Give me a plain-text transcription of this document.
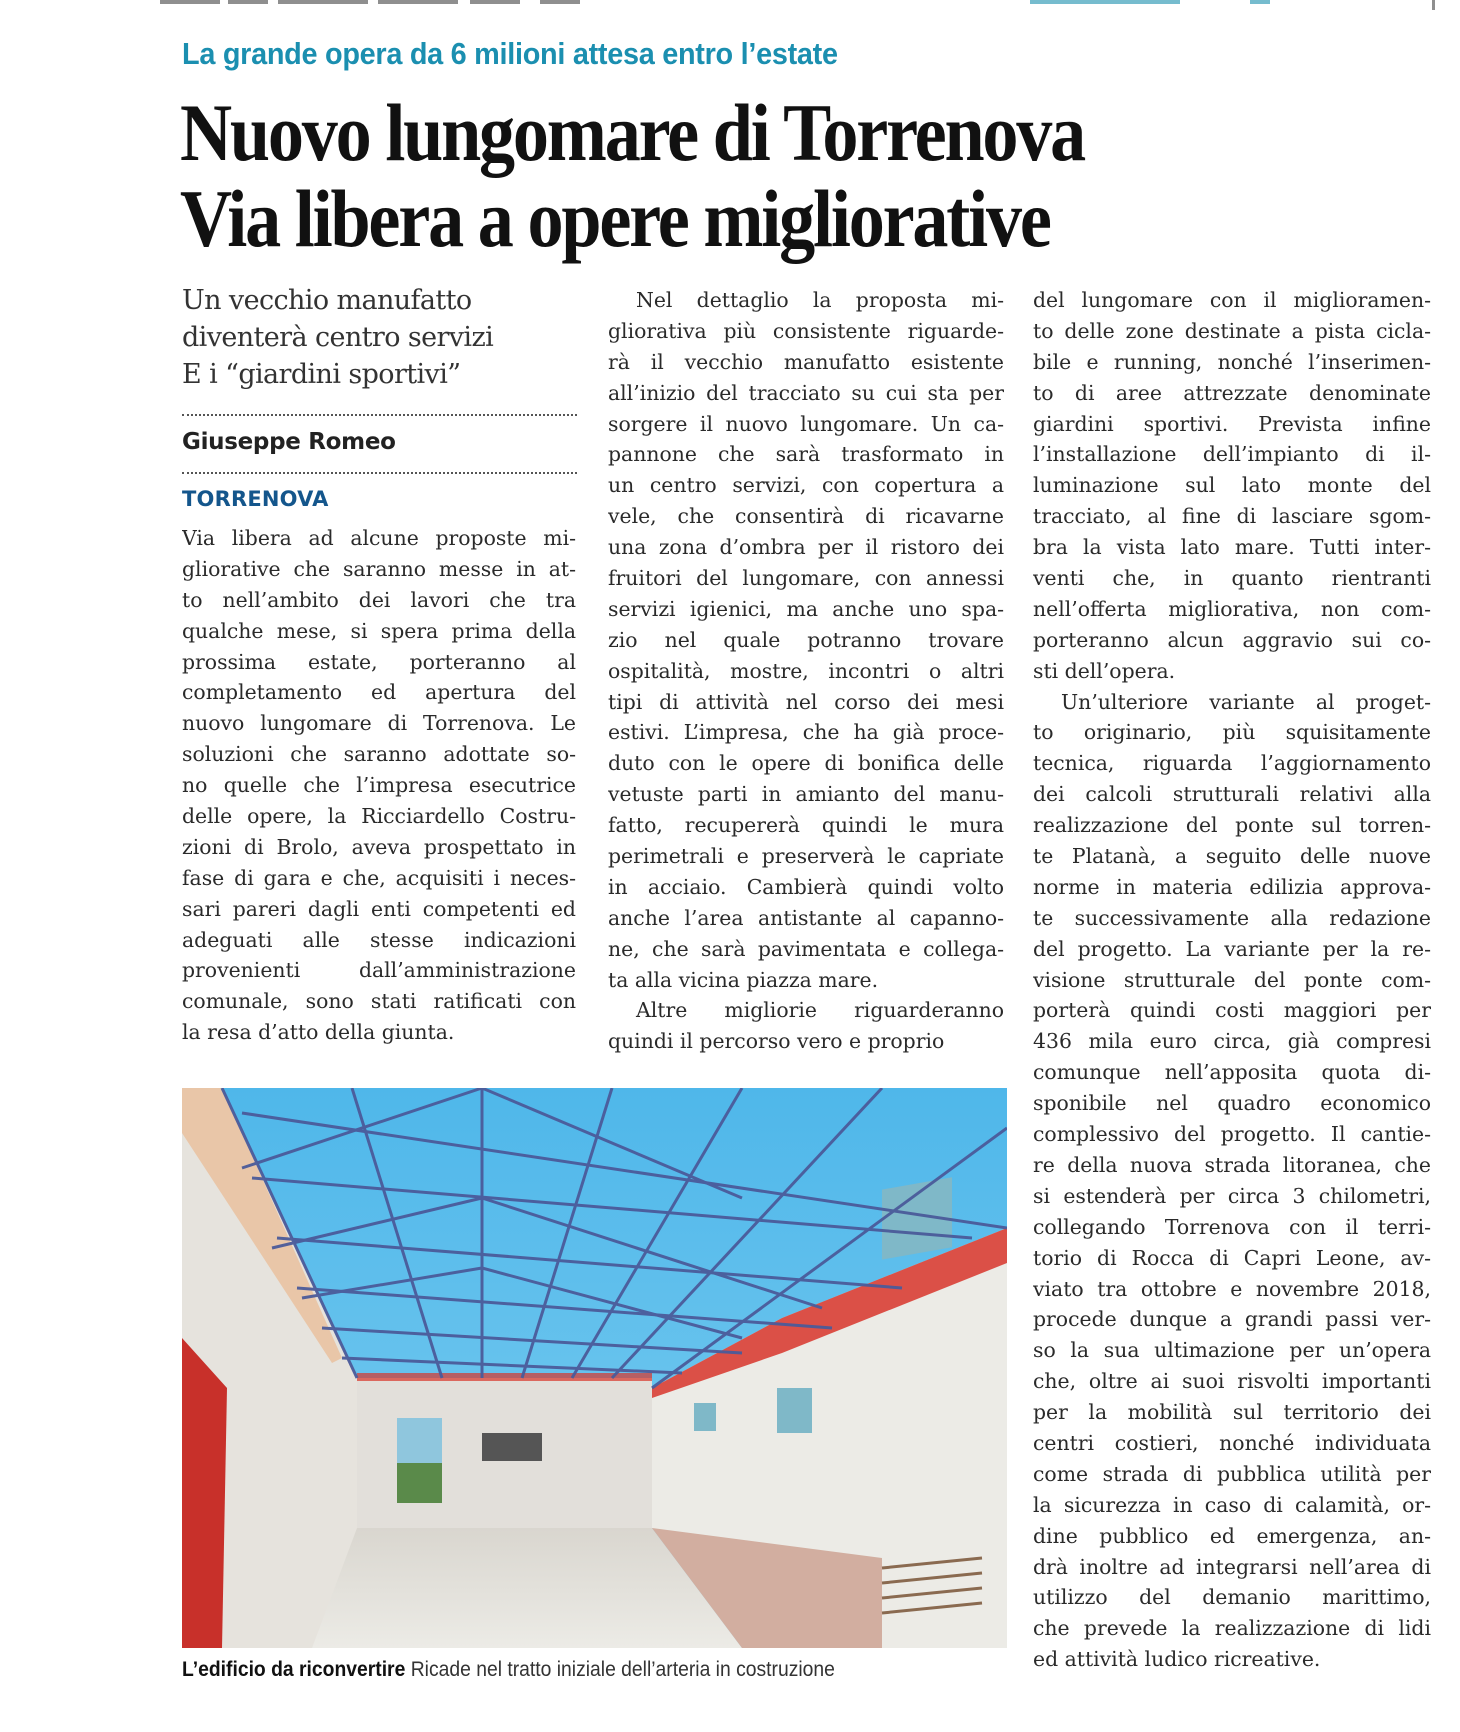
La grande opera da 6 milioni attesa entro l’estate
Nuovo lungomare di Torrenova
Via libera a opere migliorative
Un vecchio manufatto
diventerà centro servizi
E i “giardini sportivi”
Giuseppe Romeo
TORRENOVA
Via libera ad alcune proposte mi-
gliorative che saranno messe in at-
to nell’ambito dei lavori che tra
qualche mese, si spera prima della
prossima estate, porteranno al
completamento ed apertura del
nuovo lungomare di Torrenova. Le
soluzioni che saranno adottate so-
no quelle che l’impresa esecutrice
delle opere, la Ricciardello Costru-
zioni di Brolo, aveva prospettato in
fase di gara e che, acquisiti i neces-
sari pareri dagli enti competenti ed
adeguati alle stesse indicazioni
provenienti dall’amministrazione
comunale, sono stati ratificati con
la resa d’atto della giunta.
Nel dettaglio la proposta mi-
gliorativa più consistente riguarde-
rà il vecchio manufatto esistente
all’inizio del tracciato su cui sta per
sorgere il nuovo lungomare. Un ca-
pannone che sarà trasformato in
un centro servizi, con copertura a
vele, che consentirà di ricavarne
una zona d’ombra per il ristoro dei
fruitori del lungomare, con annessi
servizi igienici, ma anche uno spa-
zio nel quale potranno trovare
ospitalità, mostre, incontri o altri
tipi di attività nel corso dei mesi
estivi. L’impresa, che ha già proce-
duto con le opere di bonifica delle
vetuste parti in amianto del manu-
fatto, recupererà quindi le mura
perimetrali e preserverà le capriate
in acciaio. Cambierà quindi volto
anche l’area antistante al capanno-
ne, che sarà pavimentata e collega-
ta alla vicina piazza mare.
Altre migliorie riguarderanno
quindi il percorso vero e proprio
del lungomare con il miglioramen-
to delle zone destinate a pista cicla-
bile e running, nonché l’inserimen-
to di aree attrezzate denominate
giardini sportivi. Prevista infine
l’installazione dell’impianto di il-
luminazione sul lato monte del
tracciato, al fine di lasciare sgom-
bra la vista lato mare. Tutti inter-
venti che, in quanto rientranti
nell’offerta migliorativa, non com-
porteranno alcun aggravio sui co-
sti dell’opera.
Un’ulteriore variante al proget-
to originario, più squisitamente
tecnica, riguarda l’aggiornamento
dei calcoli strutturali relativi alla
realizzazione del ponte sul torren-
te Platanà, a seguito delle nuove
norme in materia edilizia approva-
te successivamente alla redazione
del progetto. La variante per la re-
visione strutturale del ponte com-
porterà quindi costi maggiori per
436 mila euro circa, già compresi
comunque nell’apposita quota di-
sponibile nel quadro economico
complessivo del progetto. Il cantie-
re della nuova strada litoranea, che
si estenderà per circa 3 chilometri,
collegando Torrenova con il terri-
torio di Rocca di Capri Leone, av-
viato tra ottobre e novembre 2018,
procede dunque a grandi passi ver-
so la sua ultimazione per un’opera
che, oltre ai suoi risvolti importanti
per la mobilità sul territorio dei
centri costieri, nonché individuata
come strada di pubblica utilità per
la sicurezza in caso di calamità, or-
dine pubblico ed emergenza, an-
drà inoltre ad integrarsi nell’area di
utilizzo del demanio marittimo,
che prevede la realizzazione di lidi
ed attività ludico ricreative.
L’edificio da riconvertire Ricade nel tratto iniziale dell’arteria in costruzione
